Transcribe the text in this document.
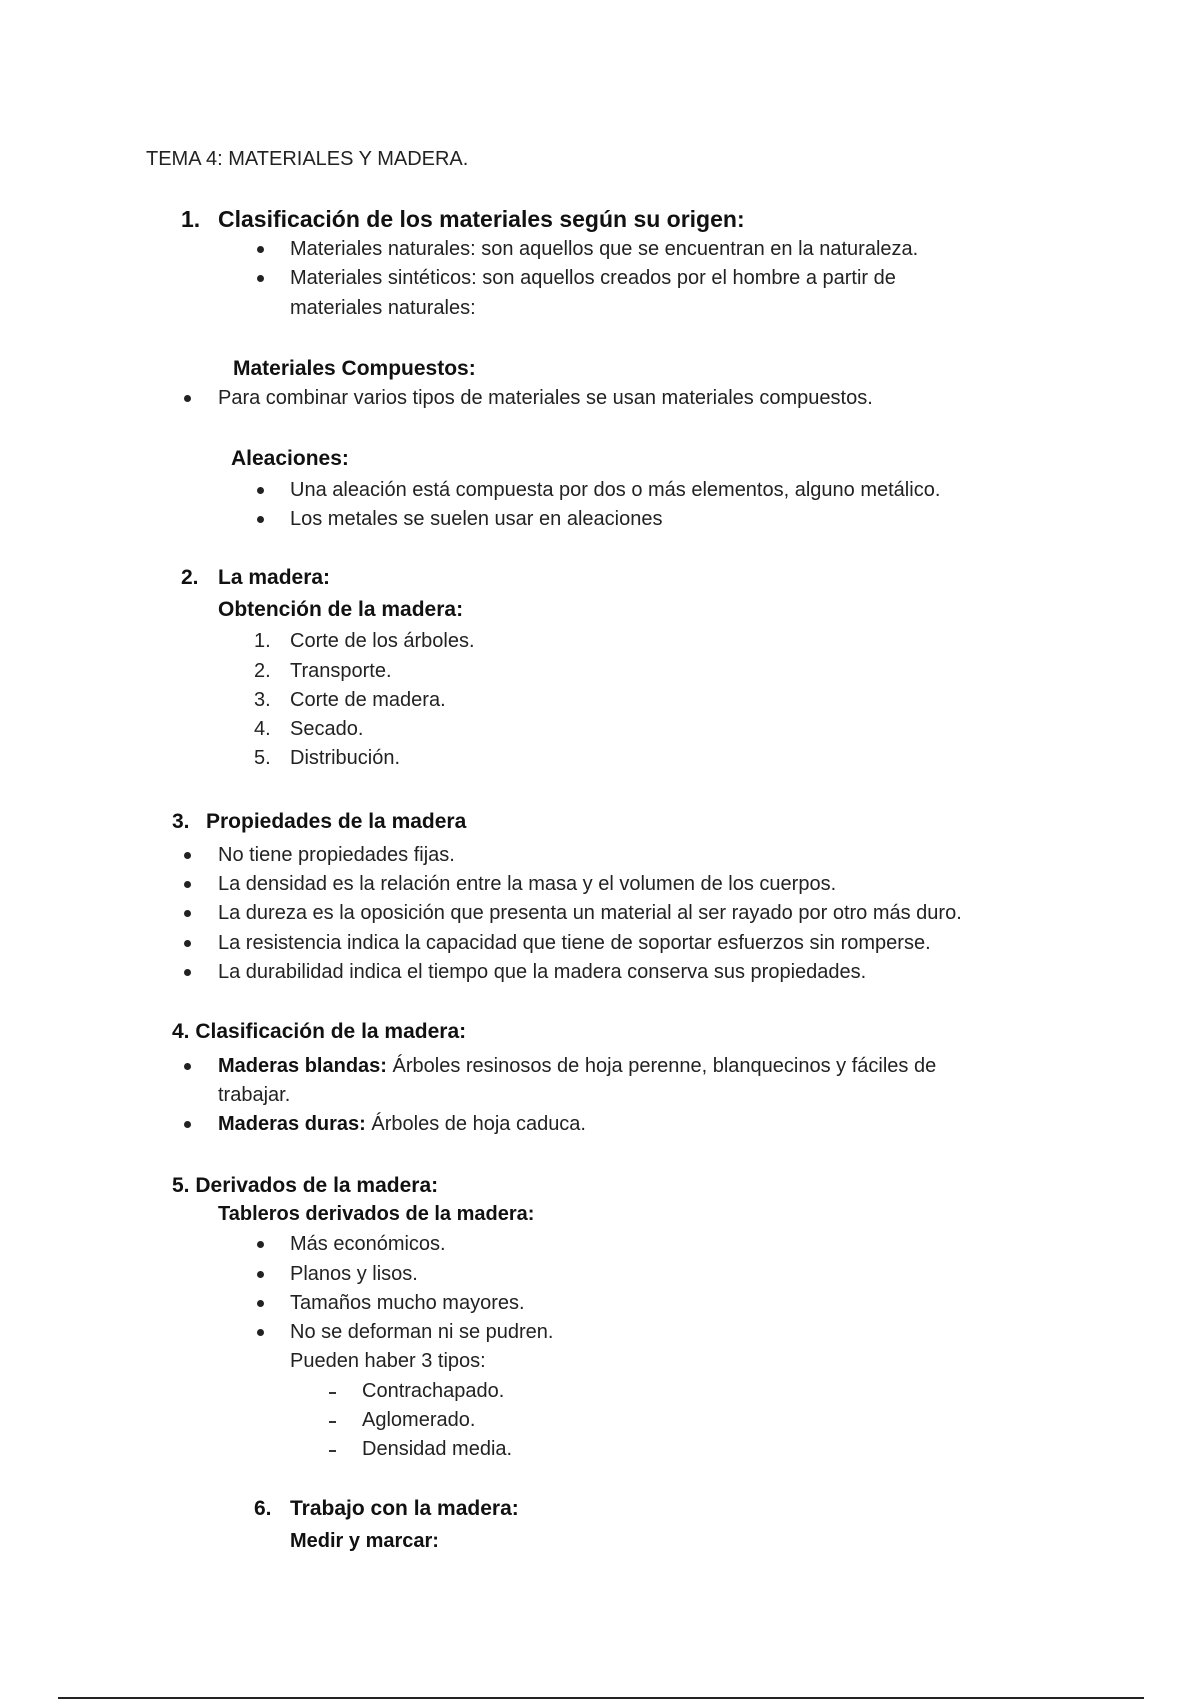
TEMA 4: MATERIALES Y MADERA.
1. Clasificación de los materiales según su origen:
Materiales naturales: son aquellos que se encuentran en la naturaleza.
Materiales sintéticos: son aquellos creados por el hombre a partir de
materiales naturales:
Materiales Compuestos:
Para combinar varios tipos de materiales se usan materiales compuestos.
Aleaciones:
Una aleación está compuesta por dos o más elementos, alguno metálico.
Los metales se suelen usar en aleaciones
2. La madera:
Obtención de la madera:
1. Corte de los árboles.
2. Transporte.
3. Corte de madera.
4. Secado.
5. Distribución.
3. Propiedades de la madera
No tiene propiedades fijas.
La densidad es la relación entre la masa y el volumen de los cuerpos.
La dureza es la oposición que presenta un material al ser rayado por otro más duro.
La resistencia indica la capacidad que tiene de soportar esfuerzos sin romperse.
La durabilidad indica el tiempo que la madera conserva sus propiedades.
4. Clasificación de la madera:
Maderas blandas: Árboles resinosos de hoja perenne, blanquecinos y fáciles de
trabajar.
Maderas duras: Árboles de hoja caduca.
5. Derivados de la madera:
Tableros derivados de la madera:
Más económicos.
Planos y lisos.
Tamaños mucho mayores.
No se deforman ni se pudren.
Pueden haber 3 tipos:
Contrachapado.
Aglomerado.
Densidad media.
6. Trabajo con la madera:
Medir y marcar:
